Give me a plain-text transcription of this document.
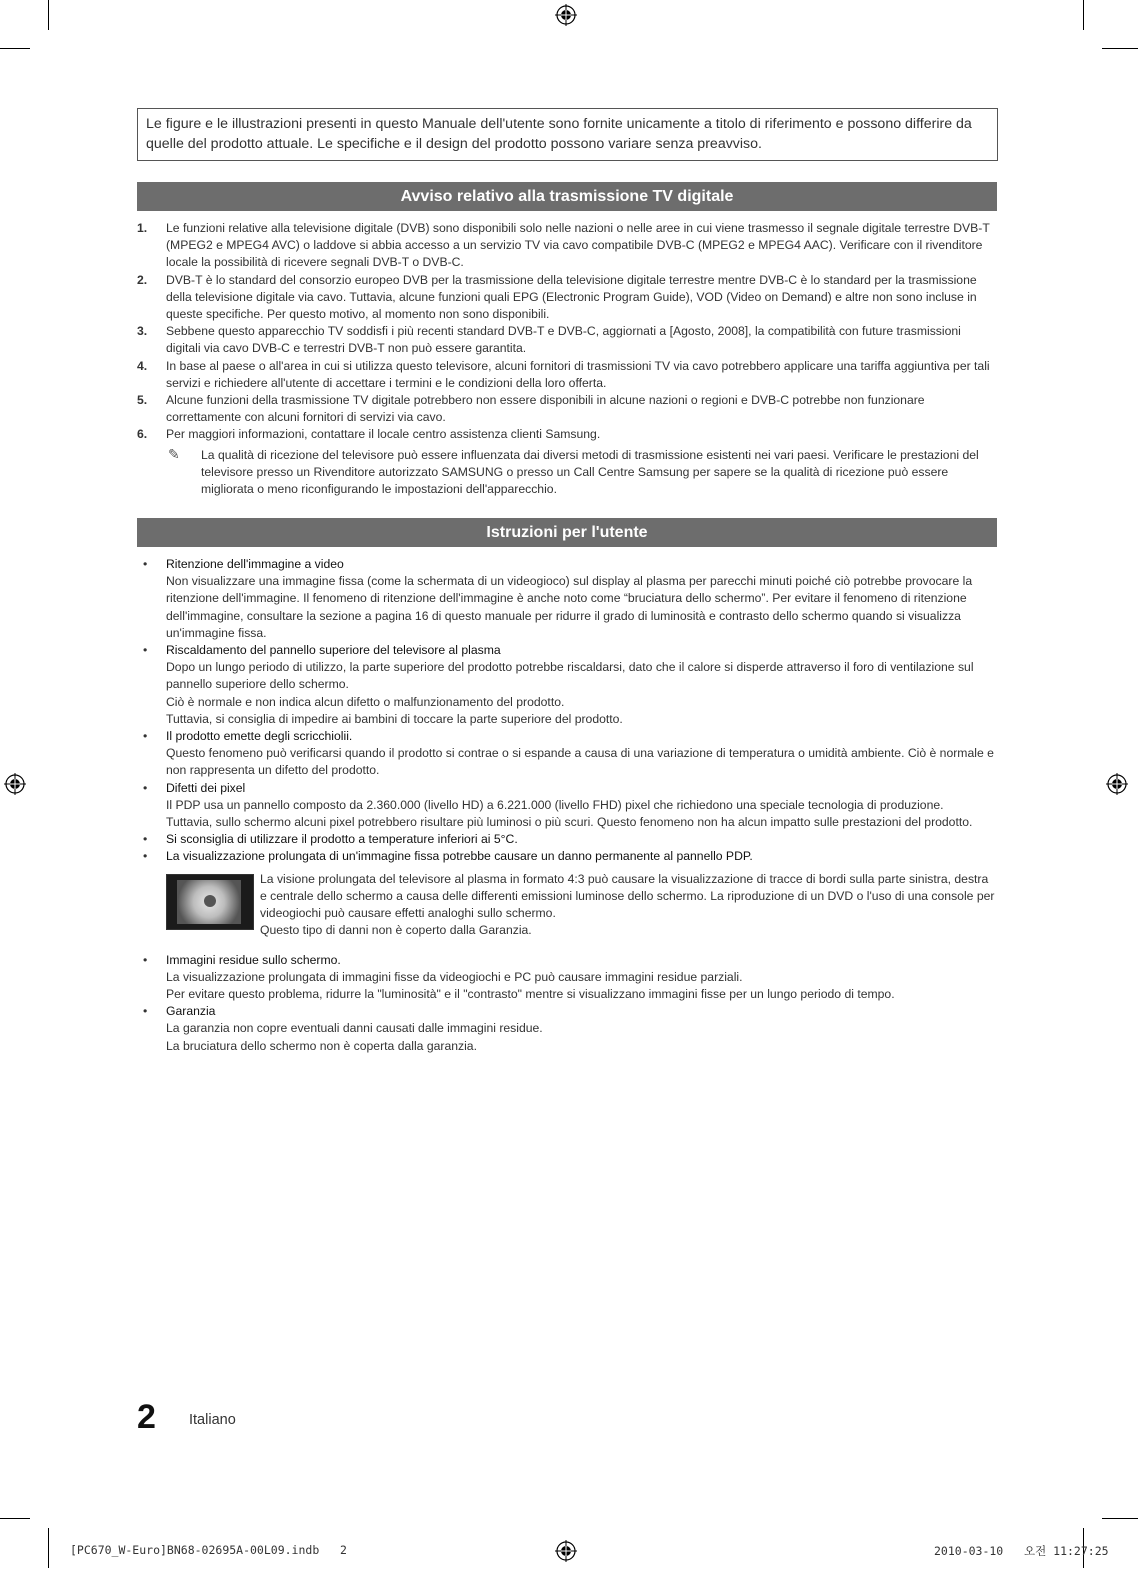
Le figure e le illustrazioni presenti in questo Manuale dell'utente sono fornite unicamente a titolo di riferimento e possono differire da quelle del prodotto attuale. Le specifiche e il design del prodotto possono variare senza preavviso.
Avviso relativo alla trasmissione TV digitale
1. Le funzioni relative alla televisione digitale (DVB) sono disponibili solo nelle nazioni o nelle aree in cui viene trasmesso il segnale digitale terrestre DVB-T (MPEG2 e MPEG4 AVC) o laddove si abbia accesso a un servizio TV via cavo compatibile DVB-C (MPEG2 e MPEG4 AAC). Verificare con il rivenditore locale la possibilità di ricevere segnali DVB-T o DVB-C.
2. DVB-T è lo standard del consorzio europeo DVB per la trasmissione della televisione digitale terrestre mentre DVB-C è lo standard per la trasmissione della televisione digitale via cavo. Tuttavia, alcune funzioni quali EPG (Electronic Program Guide), VOD (Video on Demand) e altre non sono incluse in queste specifiche. Per questo motivo, al momento non sono disponibili.
3. Sebbene questo apparecchio TV soddisfi i più recenti standard DVB-T e DVB-C, aggiornati a [Agosto, 2008], la compatibilità con future trasmissioni digitali via cavo DVB-C e terrestri DVB-T non può essere garantita.
4. In base al paese o all'area in cui si utilizza questo televisore, alcuni fornitori di trasmissioni TV via cavo potrebbero applicare una tariffa aggiuntiva per tali servizi e richiedere all'utente di accettare i termini e le condizioni della loro offerta.
5. Alcune funzioni della trasmissione TV digitale potrebbero non essere disponibili in alcune nazioni o regioni e DVB-C potrebbe non funzionare correttamente con alcuni fornitori di servizi via cavo.
6. Per maggiori informazioni, contattare il locale centro assistenza clienti Samsung.
✎ La qualità di ricezione del televisore può essere influenzata dai diversi metodi di trasmissione esistenti nei vari paesi. Verificare le prestazioni del televisore presso un Rivenditore autorizzato SAMSUNG o presso un Call Centre Samsung per sapere se la qualità di ricezione può essere migliorata o meno riconfigurando le impostazioni dell'apparecchio.
Istruzioni per l'utente
• Ritenzione dell'immagine a video
Non visualizzare una immagine fissa (come la schermata di un videogioco) sul display al plasma per parecchi minuti poiché ciò potrebbe provocare la ritenzione dell'immagine. Il fenomeno di ritenzione dell'immagine è anche noto come “bruciatura dello schermo”. Per evitare il fenomeno di ritenzione dell'immagine, consultare la sezione a pagina 16 di questo manuale per ridurre il grado di luminosità e contrasto dello schermo quando si visualizza un'immagine fissa.
• Riscaldamento del pannello superiore del televisore al plasma
Dopo un lungo periodo di utilizzo, la parte superiore del prodotto potrebbe riscaldarsi, dato che il calore si disperde attraverso il foro di ventilazione sul pannello superiore dello schermo.
Ciò è normale e non indica alcun difetto o malfunzionamento del prodotto.
Tuttavia, si consiglia di impedire ai bambini di toccare la parte superiore del prodotto.
• Il prodotto emette degli scricchiolii.
Questo fenomeno può verificarsi quando il prodotto si contrae o si espande a causa di una variazione di temperatura o umidità ambiente. Ciò è normale e non rappresenta un difetto del prodotto.
• Difetti dei pixel
Il PDP usa un pannello composto da 2.360.000 (livello HD) a 6.221.000 (livello FHD) pixel che richiedono una speciale tecnologia di produzione.
Tuttavia, sullo schermo alcuni pixel potrebbero risultare più luminosi o più scuri. Questo fenomeno non ha alcun impatto sulle prestazioni del prodotto.
• Si sconsiglia di utilizzare il prodotto a temperature inferiori ai 5°C.
• La visualizzazione prolungata di un'immagine fissa potrebbe causare un danno permanente al pannello PDP.
La visione prolungata del televisore al plasma in formato 4:3 può causare la visualizzazione di tracce di bordi sulla parte sinistra, destra e centrale dello schermo a causa delle differenti emissioni luminose dello schermo. La riproduzione di un DVD o l'uso di una console per videogiochi può causare effetti analoghi sullo schermo.
Questo tipo di danni non è coperto dalla Garanzia.
• Immagini residue sullo schermo.
La visualizzazione prolungata di immagini fisse da videogiochi e PC può causare immagini residue parziali.
Per evitare questo problema, ridurre la "luminosità" e il "contrasto" mentre si visualizzano immagini fisse per un lungo periodo di tempo.
• Garanzia
La garanzia non copre eventuali danni causati dalle immagini residue.
La bruciatura dello schermo non è coperta dalla garanzia.
2 Italiano
[PC670_W-Euro]BN68-02695A-00L09.indb   2	2010-03-10   오전 11:27:25
